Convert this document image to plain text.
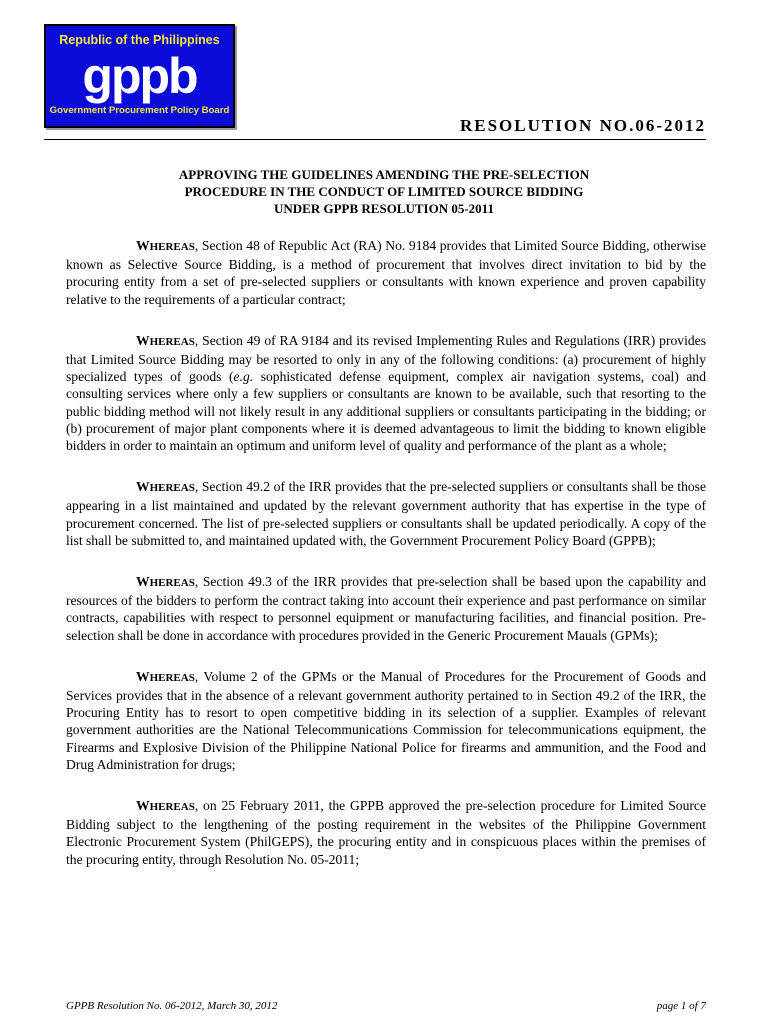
Republic of the Philippines
gppb
Government Procurement Policy Board
RESOLUTION NO.06-2012
APPROVING THE GUIDELINES AMENDING THE PRE-SELECTION
PROCEDURE IN THE CONDUCT OF LIMITED SOURCE BIDDING
UNDER GPPB RESOLUTION 05-2011

WHEREAS, Section 48 of Republic Act (RA) No. 9184 provides that Limited Source Bidding, otherwise known as Selective Source Bidding, is a method of procurement that involves direct invitation to bid by the procuring entity from a set of pre-selected suppliers or consultants with known experience and proven capability relative to the requirements of a particular contract;

WHEREAS, Section 49 of RA 9184 and its revised Implementing Rules and Regulations (IRR) provides that Limited Source Bidding may be resorted to only in any of the following conditions: (a) procurement of highly specialized types of goods (e.g. sophisticated defense equipment, complex air navigation systems, coal) and consulting services where only a few suppliers or consultants are known to be available, such that resorting to the public bidding method will not likely result in any additional suppliers or consultants participating in the bidding; or (b) procurement of major plant components where it is deemed advantageous to limit the bidding to known eligible bidders in order to maintain an optimum and uniform level of quality and performance of the plant as a whole;

WHEREAS, Section 49.2 of the IRR provides that the pre-selected suppliers or consultants shall be those appearing in a list maintained and updated by the relevant government authority that has expertise in the type of procurement concerned. The list of pre-selected suppliers or consultants shall be updated periodically. A copy of the list shall be submitted to, and maintained updated with, the Government Procurement Policy Board (GPPB);

WHEREAS, Section 49.3 of the IRR provides that pre-selection shall be based upon the capability and resources of the bidders to perform the contract taking into account their experience and past performance on similar contracts, capabilities with respect to personnel equipment or manufacturing facilities, and financial position. Pre-selection shall be done in accordance with procedures provided in the Generic Procurement Mauals (GPMs);

WHEREAS, Volume 2 of the GPMs or the Manual of Procedures for the Procurement of Goods and Services provides that in the absence of a relevant government authority pertained to in Section 49.2 of the IRR, the Procuring Entity has to resort to open competitive bidding in its selection of a supplier. Examples of relevant government authorities are the National Telecommunications Commission for telecommunications equipment, the Firearms and Explosive Division of the Philippine National Police for firearms and ammunition, and the Food and Drug Administration for drugs;

WHEREAS, on 25 February 2011, the GPPB approved the pre-selection procedure for Limited Source Bidding subject to the lengthening of the posting requirement in the websites of the Philippine Government Electronic Procurement System (PhilGEPS), the procuring entity and in conspicuous places within the premises of the procuring entity, through Resolution No. 05-2011;

GPPB Resolution No. 06-2012, March 30, 2012	page 1 of 7
